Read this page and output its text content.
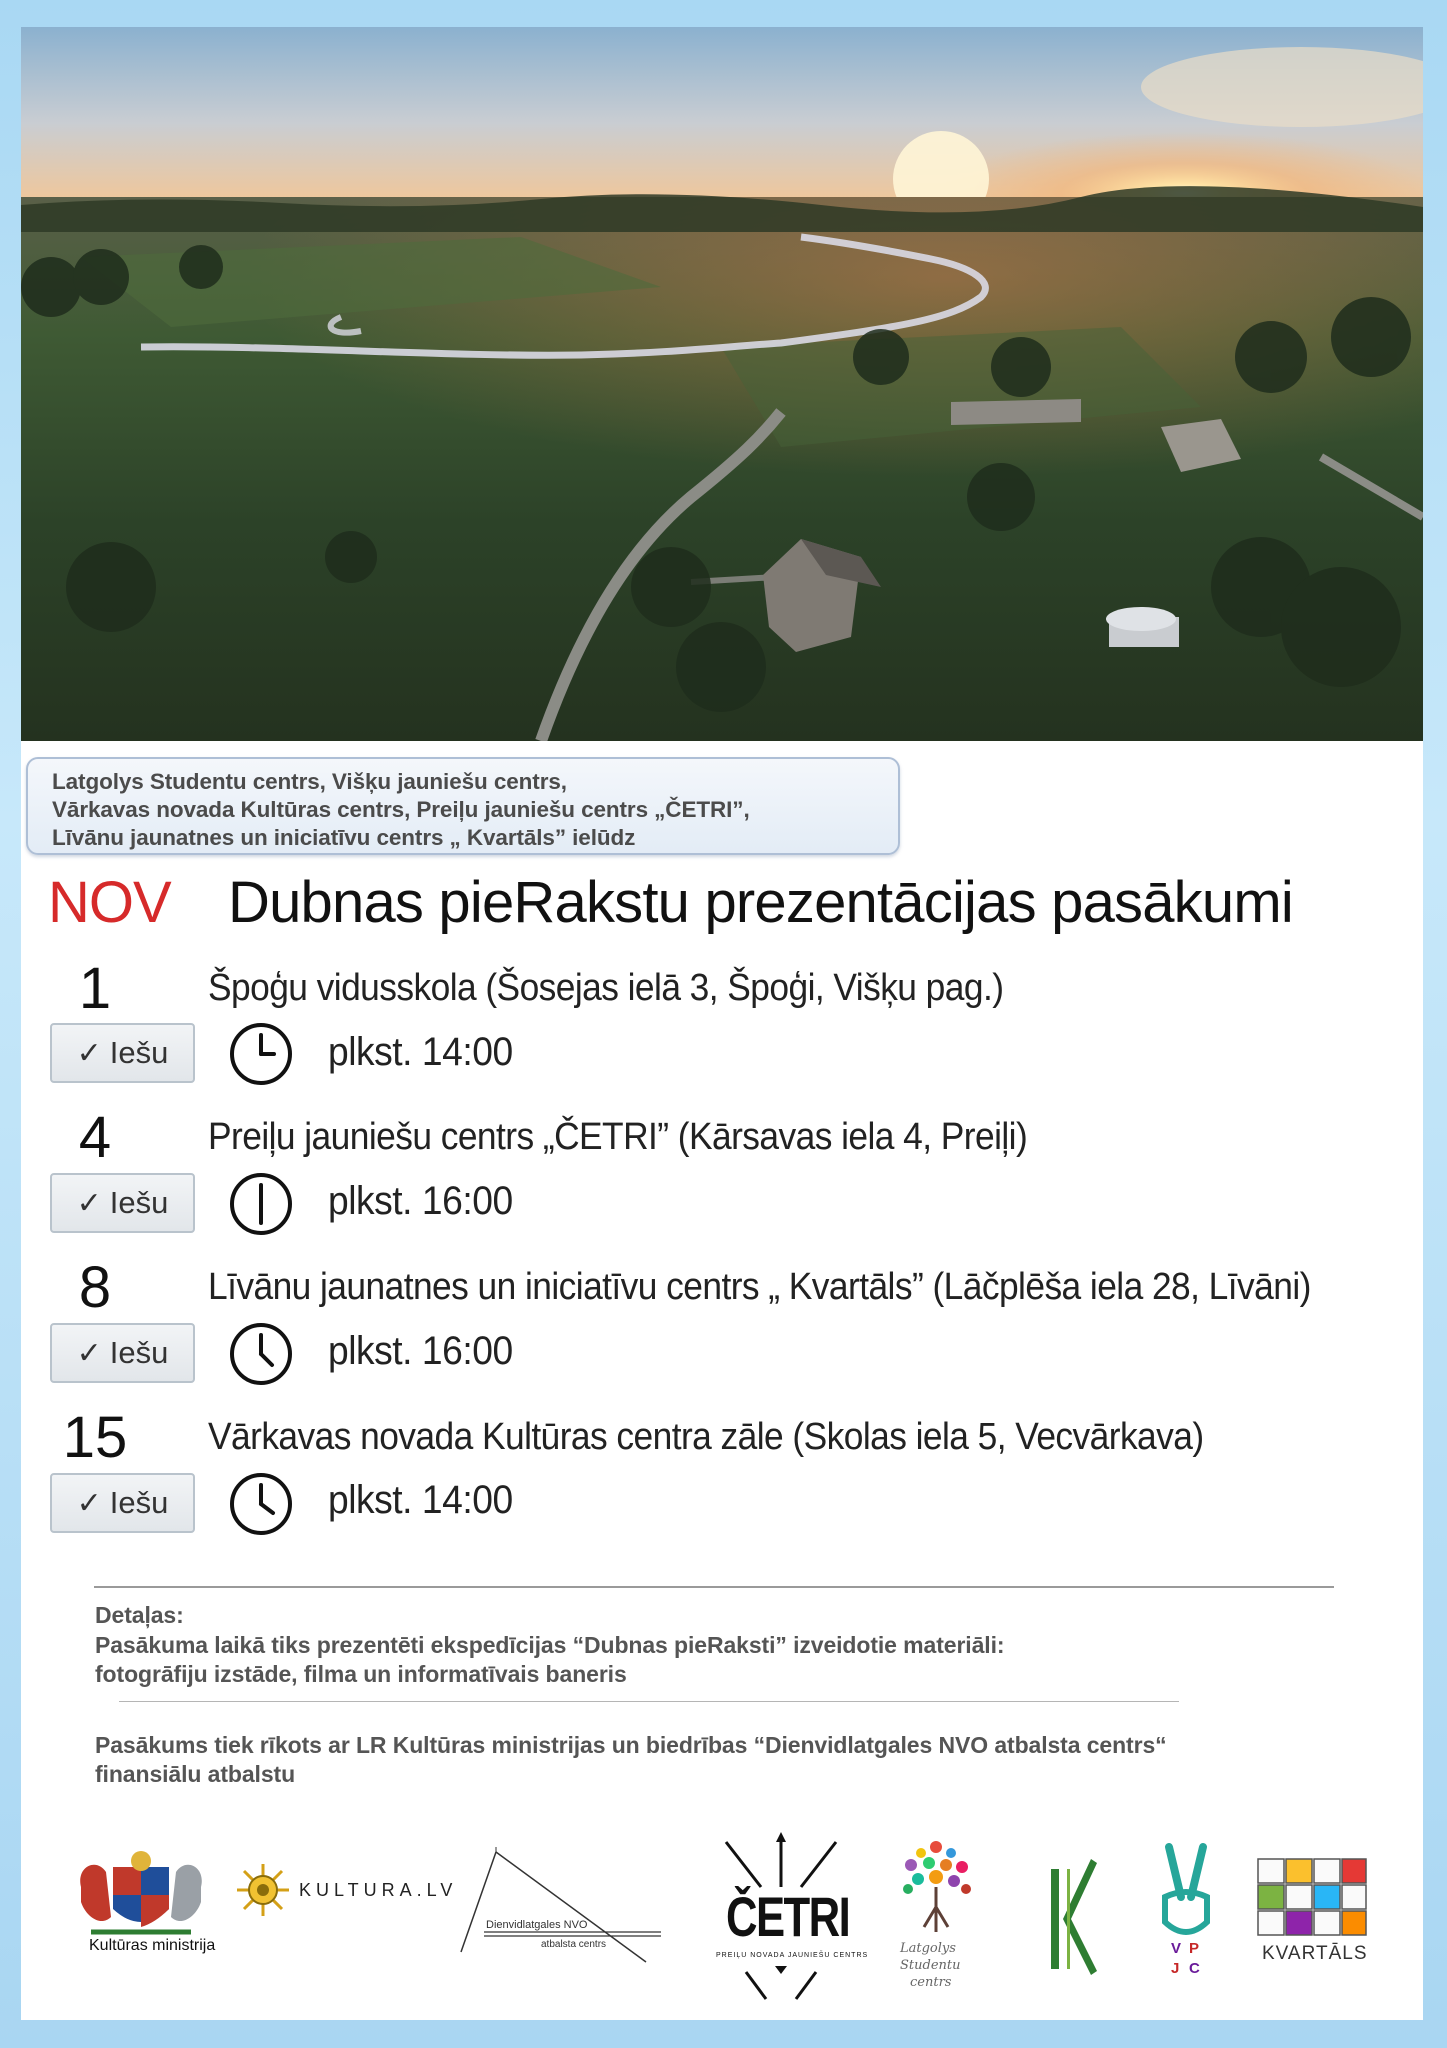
Latgolys Studentu centrs, Višķu jauniešu centrs,
Vārkavas novada Kultūras centrs, Preiļu jauniešu centrs „ČETRI”,
Līvānu jaunatnes un iniciatīvu centrs „ Kvartāls” ielūdz
NOV Dubnas pieRakstu prezentācijas pasākumi
1	Špoģu vidusskola (Šosejas ielā 3, Špoģi, Višķu pag.)
✓ Iešu	plkst. 14:00
4	Preiļu jauniešu centrs „ČETRI” (Kārsavas iela 4, Preiļi)
✓ Iešu	plkst. 16:00
8	Līvānu jaunatnes un iniciatīvu centrs „ Kvartāls” (Lāčplēša iela 28, Līvāni)
✓ Iešu	plkst. 16:00
15	Vārkavas novada Kultūras centra zāle (Skolas iela 5, Vecvārkava)
✓ Iešu	plkst. 14:00
Detaļas:
Pasākuma laikā tiks prezentēti ekspedīcijas “Dubnas pieRaksti” izveidotie materiāli:
fotogrāfiju izstāde, filma un informatīvais baneris
Pasākums tiek rīkots ar LR Kultūras ministrijas un biedrības “Dienvidlatgales NVO atbalsta centrs“
finansiālu atbalstu
Kultūras ministrija
KULTURA.LV
Dienvidlatgales NVO
atbalsta centrs ČETRI
PREIĻU NOVADA JAUNIEŠU CENTRS Latgolys
Studentu
centrs
V P
J C
KVARTĀLS
